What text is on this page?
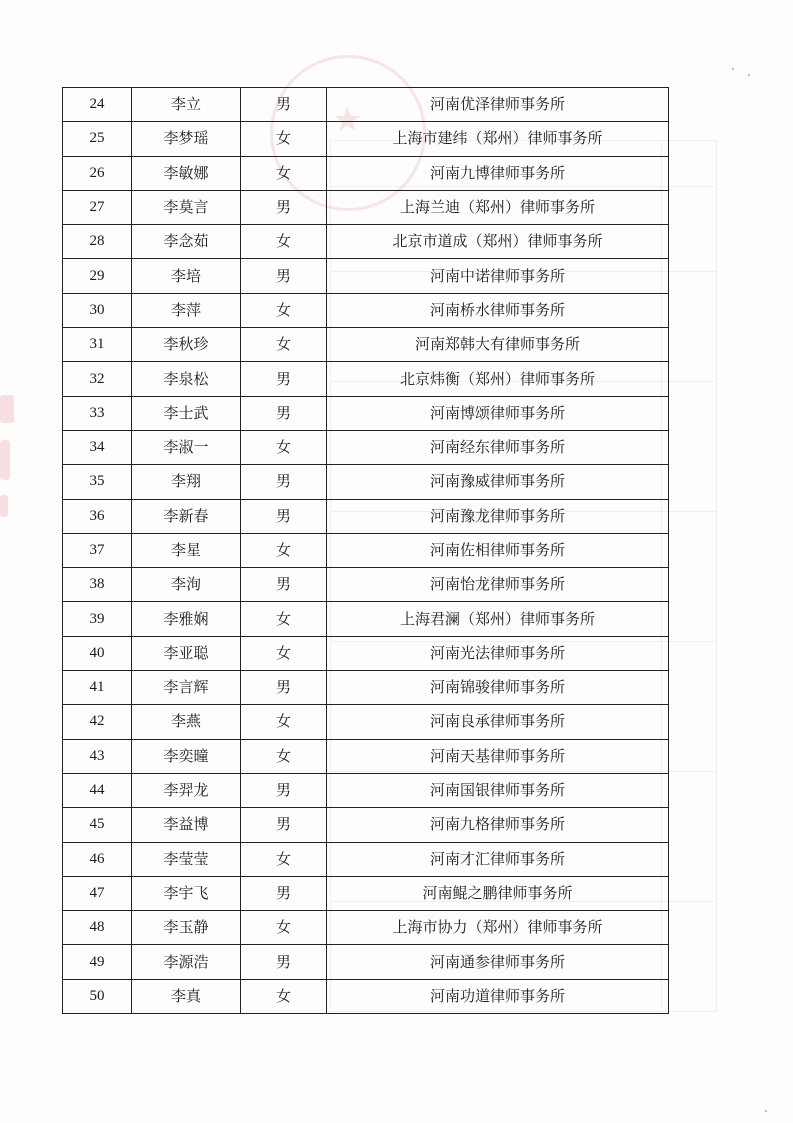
★
24	李立	男	河南优泽律师事务所
25	李梦瑶	女	上海市建纬（郑州）律师事务所
26	李敏娜	女	河南九博律师事务所
27	李莫言	男	上海兰迪（郑州）律师事务所
28	李念茹	女	北京市道成（郑州）律师事务所
29	李培	男	河南中诺律师事务所
30	李萍	女	河南桥水律师事务所
31	李秋珍	女	河南郑韩大有律师事务所
32	李泉松	男	北京炜衡（郑州）律师事务所
33	李士武	男	河南博颂律师事务所
34	李淑一	女	河南经东律师事务所
35	李翔	男	河南豫威律师事务所
36	李新春	男	河南豫龙律师事务所
37	李星	女	河南佐相律师事务所
38	李洵	男	河南怡龙律师事务所
39	李雅娴	女	上海君澜（郑州）律师事务所
40	李亚聪	女	河南光法律师事务所
41	李言辉	男	河南锦骏律师事务所
42	李燕	女	河南良承律师事务所
43	李奕曈	女	河南天基律师事务所
44	李羿龙	男	河南国银律师事务所
45	李益博	男	河南九格律师事务所
46	李莹莹	女	河南才汇律师事务所
47	李宇飞	男	河南鲲之鹏律师事务所
48	李玉静	女	上海市协力（郑州）律师事务所
49	李源浩	男	河南通参律师事务所
50	李真	女	河南功道律师事务所
